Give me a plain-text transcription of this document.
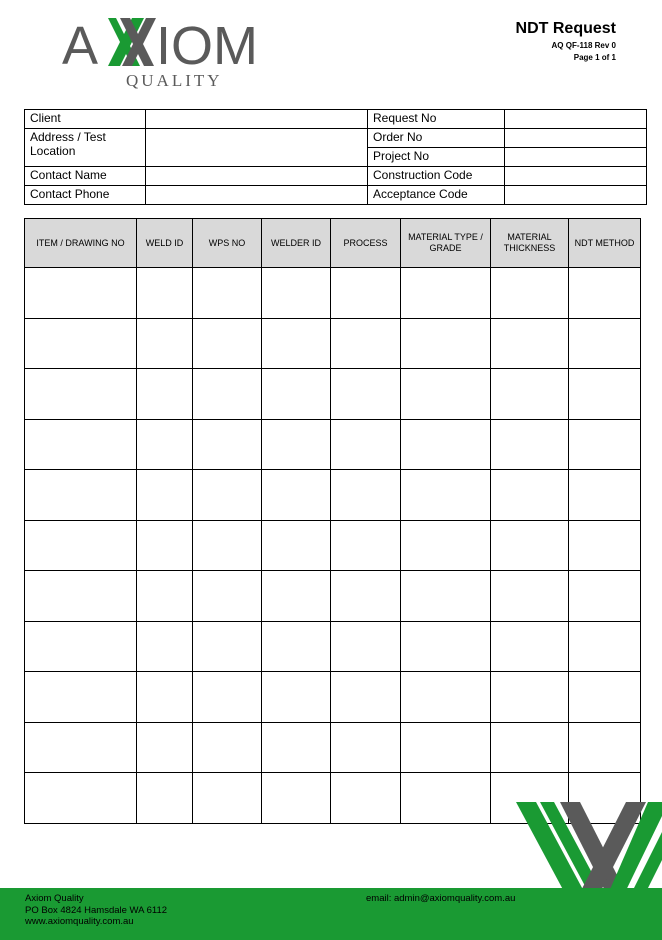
A IOM
QUALITY
NDT Request
AQ QF-118 Rev 0
Page 1 of 1
Client		Request No	
Address / Test Location		Order No	
		Project No	
Contact Name		Construction Code	
Contact Phone		Acceptance Code	
ITEM / DRAWING NO	WELD ID	WPS NO	WELDER ID	PROCESS	MATERIAL TYPE / GRADE	MATERIAL THICKNESS	NDT METHOD

Axiom Quality
PO Box 4824 Hamsdale WA 6112
www.axiomquality.com.au
email: admin@axiomquality.com.au
